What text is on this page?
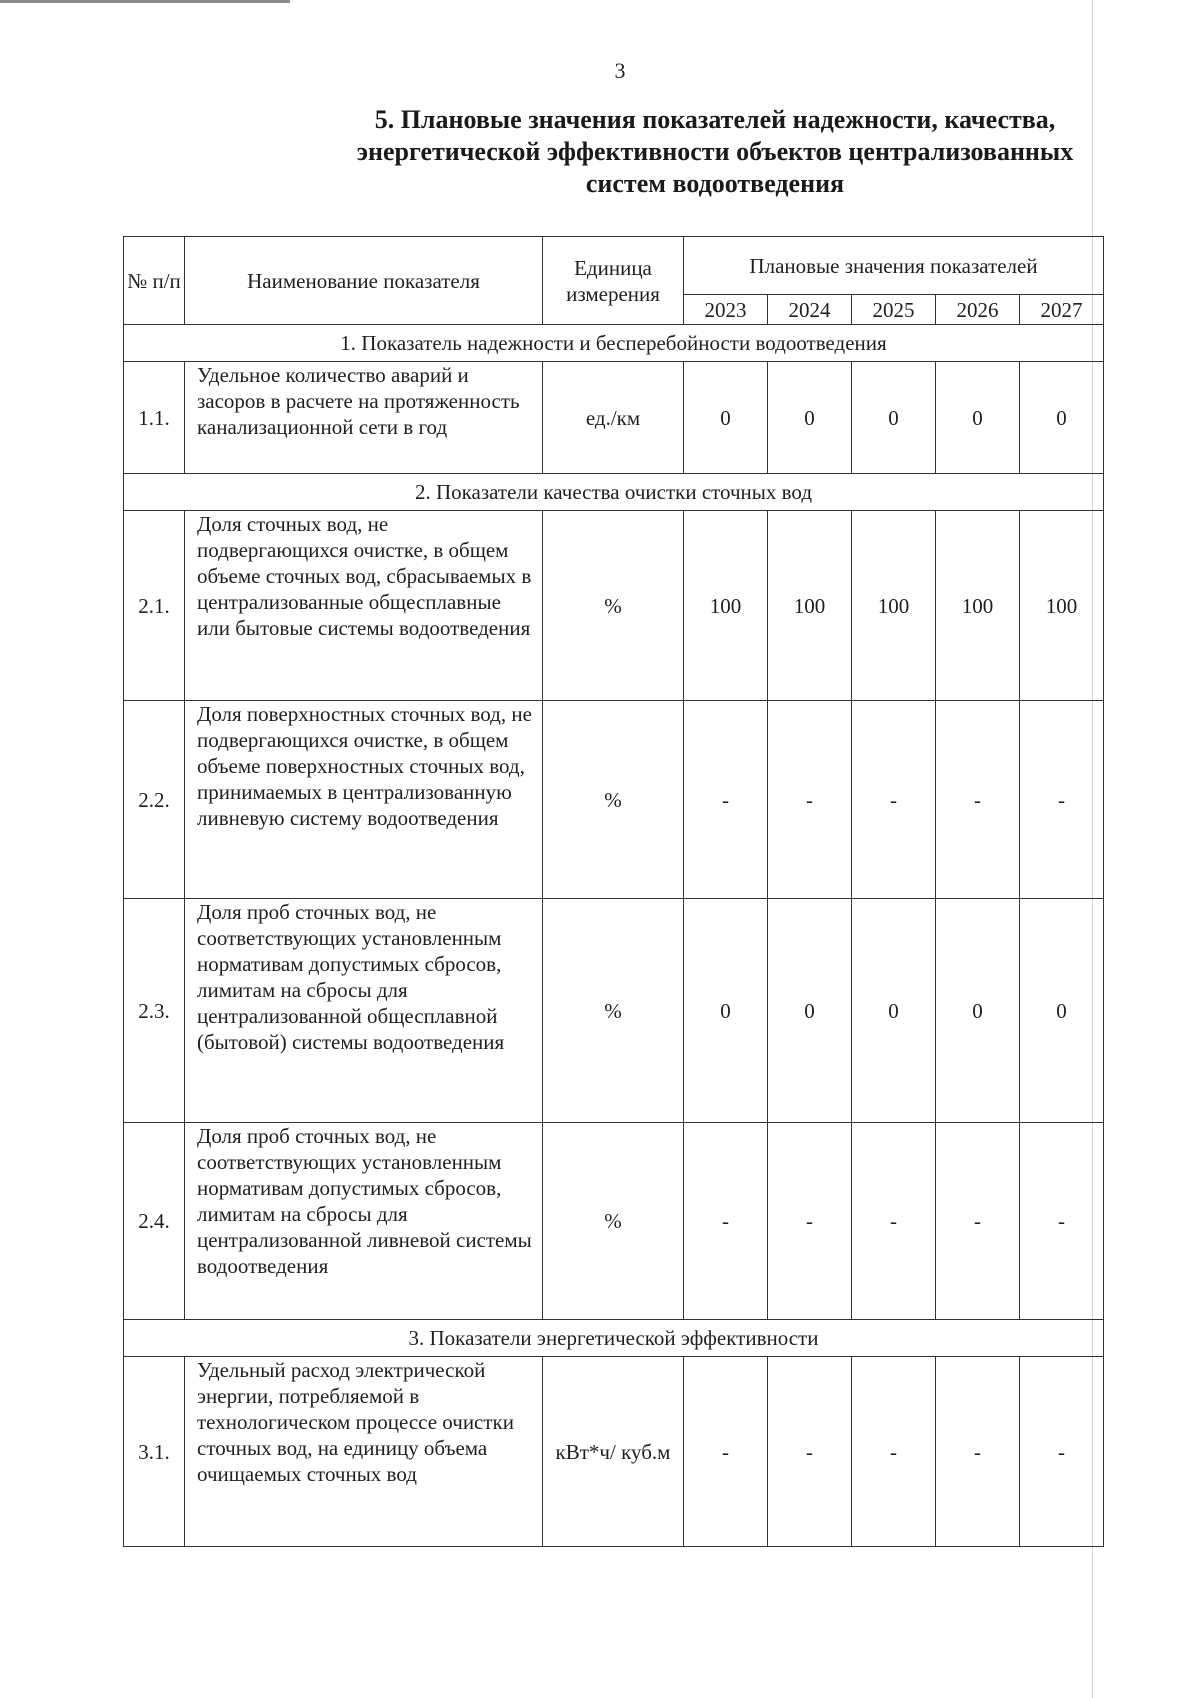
3
5. Плановые значения показателей надежности, качества,
энергетической эффективности объектов централизованных
систем водоотведения
№ п/п	Наименование показателя	Единица измерения	Плановые значения показателей				
			2023	2024	2025	2026	2027
1. Показатель надежности и бесперебойности водоотведения							
1.1.	Удельное количество аварий и засоров в расчете на протяженность канализационной сети в год	ед./км	0	0	0	0	0
2. Показатели качества очистки сточных вод							
2.1.	Доля сточных вод, не подвергающихся очистке, в общем объеме сточных вод, сбрасываемых в централизованные общесплавные или бытовые системы водоотведения	%	100	100	100	100	100
2.2.	Доля поверхностных сточных вод, не подвергающихся очистке, в общем объеме поверхностных сточных вод, принимаемых в централизованную ливневую систему водоотведения	%	-	-	-	-	-
2.3.	Доля проб сточных вод, не соответствующих установленным нормативам допустимых сбросов, лимитам на сбросы для централизованной общесплавной (бытовой) системы водоотведения	%	0	0	0	0	0
2.4.	Доля проб сточных вод, не соответствующих установленным нормативам допустимых сбросов, лимитам на сбросы для централизованной ливневой системы водоотведения	%	-	-	-	-	-
3. Показатели энергетической эффективности							
3.1.	Удельный расход электрической энергии, потребляемой в технологическом процессе очистки сточных вод, на единицу объема очищаемых сточных вод	кВт*ч/ куб.м	-	-	-	-	-
